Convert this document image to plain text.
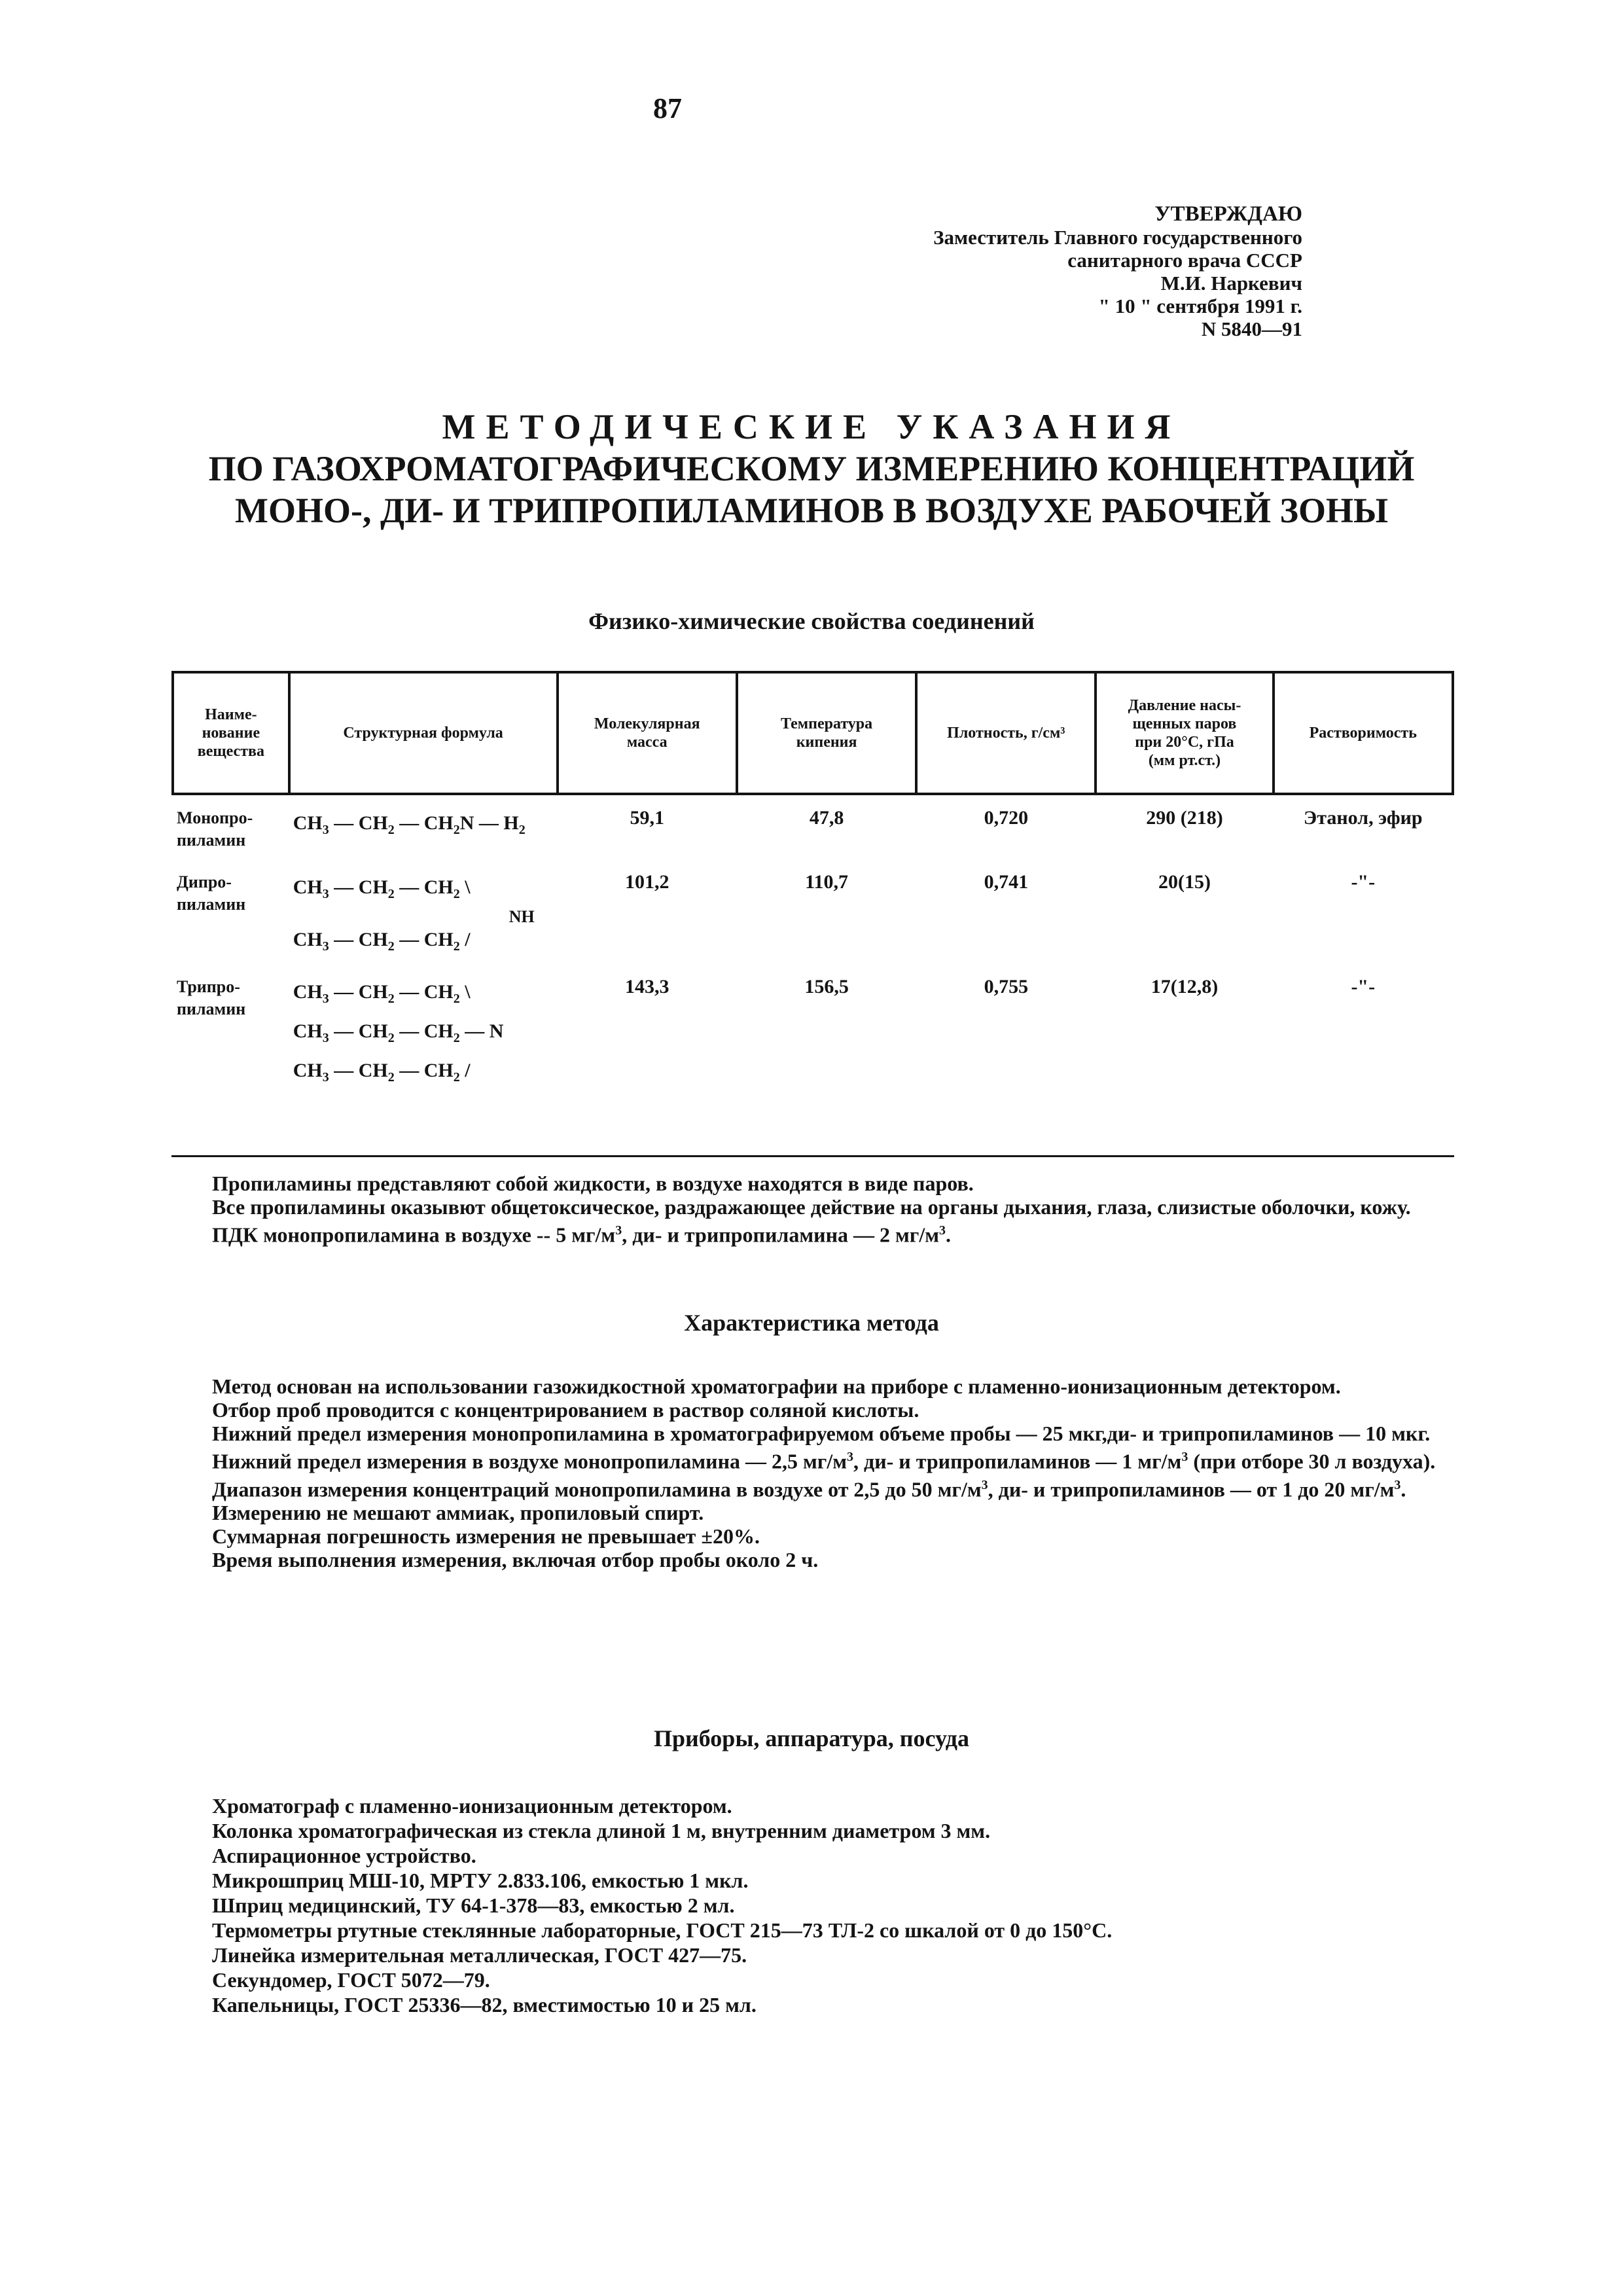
87
УТВЕРЖДАЮ
Заместитель Главного государственного
санитарного врача СССР
М.И. Наркевич
" 10 " сентября 1991 г.
N 5840—91
МЕТОДИЧЕСКИЕ УКАЗАНИЯ
ПО ГАЗОХРОМАТОГРАФИЧЕСКОМУ ИЗМЕРЕНИЮ КОНЦЕНТРАЦИЙ
МОНО-, ДИ- И ТРИПРОПИЛАМИНОВ В ВОЗДУХЕ РАБОЧЕЙ ЗОНЫ
Физико-химические свойства соединений
Наиме-
нование
вещества	Структурная формула	Молекулярная
масса	Температура
кипения	Плотность, г/см³	Давление насы-
щенных паров
при 20°С, гПа
(мм рт.ст.)	Растворимость
Монопро-
пиламин	$CH_3$ — $CH_2$ — $CH_2N$ — $H_2$	59,1	47,8	0,720	290 (218)	Этанол, эфир
Дипро-
пиламин	$CH_3$ — $CH_2$ — $CH_2$ \
NH
$CH_3$ — $CH_2$ — $CH_2$ /	101,2	110,7	0,741	20(15)	-"-
Трипро-
пиламин	$CH_3$ — $CH_2$ — $CH_2$ \
$CH_3$ — $CH_2$ — $CH_2$ — N
$CH_3$ — $CH_2$ — $CH_2$ /	143,3	156,5	0,755	17(12,8)	-"-

Пропиламины представляют собой жидкости, в воздухе находятся в виде паров.

Все пропиламины оказывют общетоксическое, раздражающее действие на органы дыхания, глаза, слизистые оболочки, кожу.

ПДК монопропиламина в воздухе -- 5 $мг/м^3$, ди- и трипропиламина — 2 $мг/м^3$.

Характеристика метода

Метод основан на использовании газожидкостной хроматографии на приборе с пламенно-ионизационным детектором.

Отбор проб проводится с концентрированием в раствор соляной кислоты.

Нижний предел измерения монопропиламина в хроматографируемом объеме пробы — 25 мкг,ди- и трипропиламинов — 10 мкг.

Нижний предел измерения в воздухе монопропиламина — 2,5 $мг/м^3$, ди- и трипропиламинов — 1 $мг/м^3$ (при отборе 30 л воздуха).

Диапазон измерения концентраций монопропиламина в воздухе от 2,5 до 50 $мг/м^3$, ди- и трипропиламинов — от 1 до 20 $мг/м^3$.

Измерению не мешают аммиак, пропиловый спирт.

Суммарная погрешность измерения не превышает ±20%.

Время выполнения измерения, включая отбор пробы около 2 ч.

Приборы, аппаратура, посуда

Хроматограф с пламенно-ионизационным детектором.

Колонка хроматографическая из стекла длиной 1 м, внутренним диаметром 3 мм.

Аспирационное устройство.

Микрошприц МШ-10, МРТУ 2.833.106, емкостью 1 мкл.

Шприц медицинский, ТУ 64-1-378—83, емкостью 2 мл.

Термометры ртутные стеклянные лабораторные, ГОСТ 215—73 ТЛ-2 со шкалой от 0 до 150°С.

Линейка измерительная металлическая, ГОСТ 427—75.

Секундомер, ГОСТ 5072—79.

Капельницы, ГОСТ 25336—82, вместимостью 10 и 25 мл.
